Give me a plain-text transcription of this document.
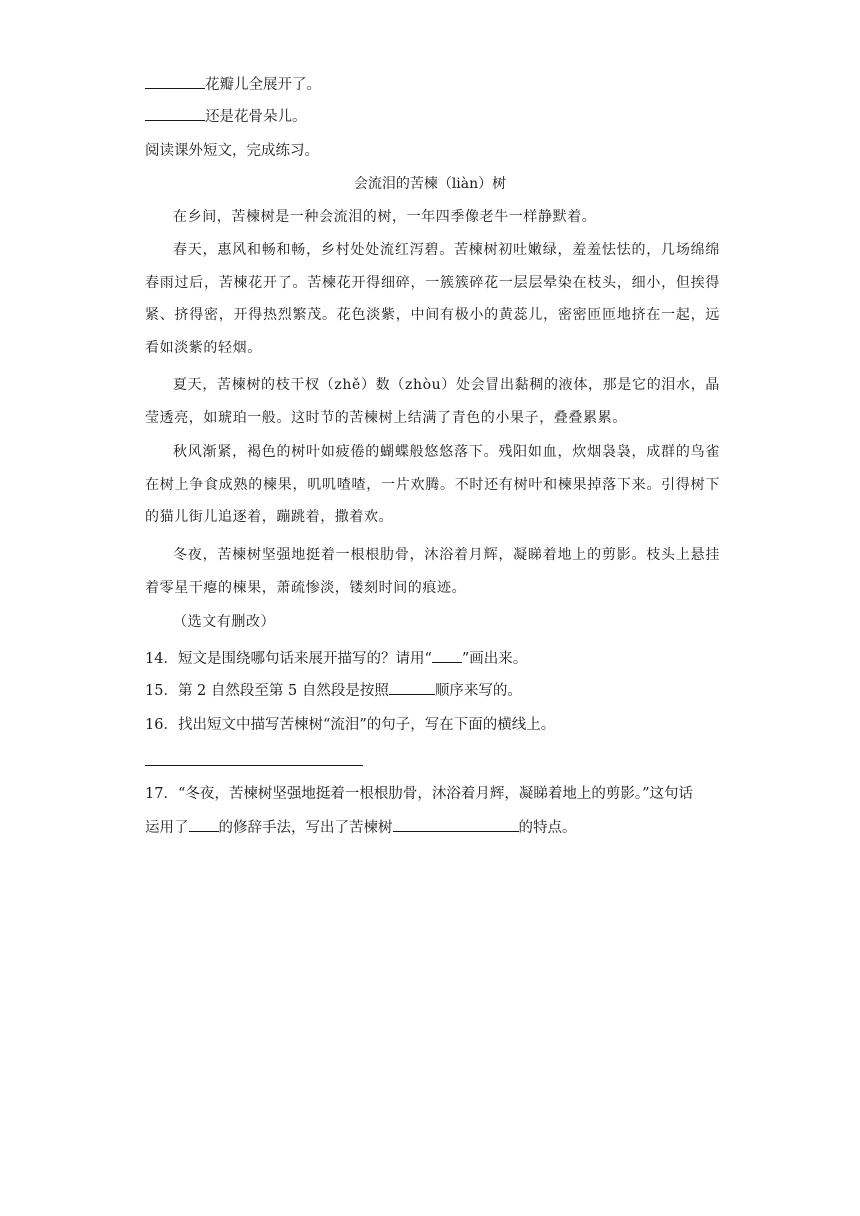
花瓣儿全展开了。
还是花骨朵儿。
阅读课外短文，完成练习。
会流泪的苦楝（liàn）树
在乡间，苦楝树是一种会流泪的树，一年四季像老牛一样静默着。
春天，惠风和畅和畅，乡村处处流红泻碧。苦楝树初吐嫩绿，羞羞怯怯的，几场绵绵春雨过后，苦楝花开了。苦楝花开得细碎，一簇簇碎花一层层晕染在枝头，细小，但挨得紧、挤得密，开得热烈繁茂。花色淡紫，中间有极小的黄蕊儿，密密匝匝地挤在一起，远看如淡紫的轻烟。
夏天，苦楝树的枝干杈（zhě）数（zhòu）处会冒出黏稠的液体，那是它的泪水，晶莹透亮，如琥珀一般。这时节的苦楝树上结满了青色的小果子，叠叠累累。
秋风渐紧，褐色的树叶如疲倦的蝴蝶般悠悠落下。残阳如血，炊烟袅袅，成群的鸟雀在树上争食成熟的楝果，叽叽喳喳，一片欢腾。不时还有树叶和楝果掉落下来。引得树下的猫儿街儿追逐着，蹦跳着，撒着欢。
冬夜，苦楝树坚强地挺着一根根肋骨，沐浴着月辉，凝睇着地上的剪影。枝头上悬挂着零星干瘪的楝果，萧疏惨淡，镂刻时间的痕迹。
（选文有删改）
14．短文是围绕哪句话来展开描写的？请用“ ”画出来。
15．第 2 自然段至第 5 自然段是按照	顺序来写的。
16．找出短文中描写苦楝树“流泪”的句子，写在下面的横线上。
17．“冬夜，苦楝树坚强地挺着一根根肋骨，沐浴着月辉，凝睇着地上的剪影。”这句话
运用了 的修辞手法，写出了苦楝树	的特点。
